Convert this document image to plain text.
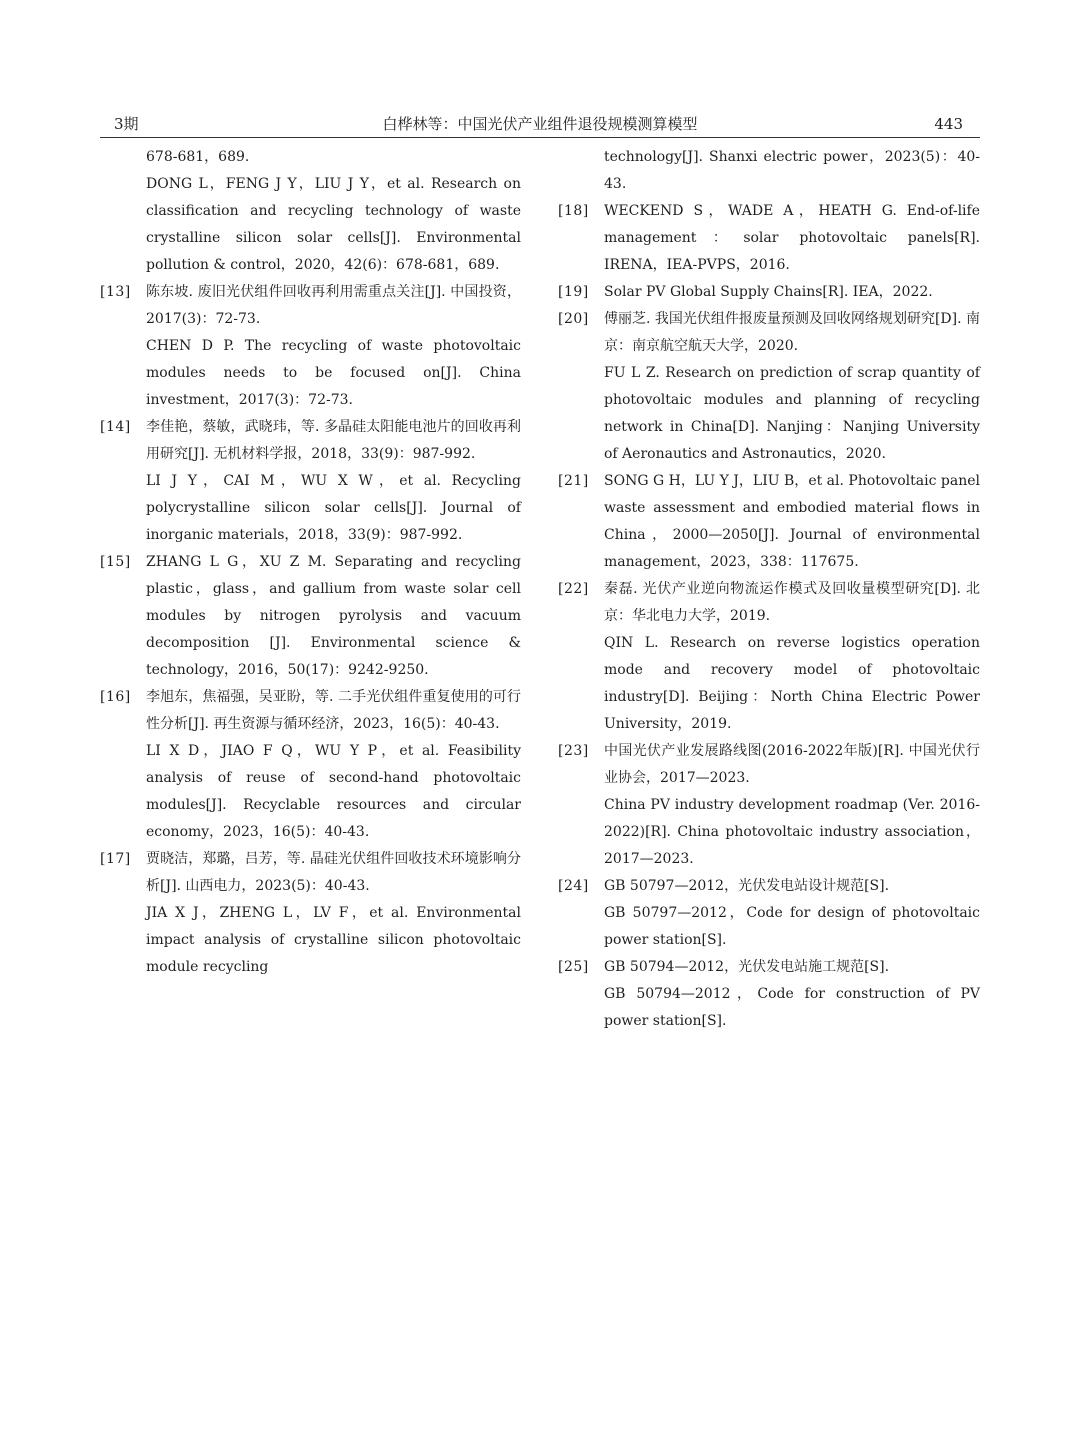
3期	白桦林等：中国光伏产业组件退役规模测算模型	443
678-681，689.
DONG L，FENG J Y，LIU J Y，et al. Research on classification and recycling technology of waste crystalline silicon solar cells[J]. Environmental pollution & control，2020，42(6)：678-681，689.
[13] 陈东坡. 废旧光伏组件回收再利用需重点关注[J]. 中国投资，2017(3)：72-73.
CHEN D P. The recycling of waste photovoltaic modules needs to be focused on[J]. China investment，2017(3)：72-73.
[14] 李佳艳，蔡敏，武晓玮，等. 多晶硅太阳能电池片的回收再利用研究[J]. 无机材料学报，2018，33(9)：987-992.
LI J Y，CAI M，WU X W，et al. Recycling polycrystalline silicon solar cells[J]. Journal of inorganic materials，2018，33(9)：987-992.
[15] ZHANG L G，XU Z M. Separating and recycling plastic，glass，and gallium from waste solar cell modules by nitrogen pyrolysis and vacuum decomposition [J]. Environmental science & technology，2016，50(17)：9242-9250.
[16] 李旭东，焦福强，吴亚盼，等. 二手光伏组件重复使用的可行性分析[J]. 再生资源与循环经济，2023，16(5)：40-43.
LI X D，JIAO F Q，WU Y P，et al. Feasibility analysis of reuse of second-hand photovoltaic modules[J]. Recyclable resources and circular economy，2023，16(5)：40-43.
[17] 贾晓洁，郑璐，吕芳，等. 晶硅光伏组件回收技术环境影响分析[J]. 山西电力，2023(5)：40-43.
JIA X J，ZHENG L，LV F，et al. Environmental impact analysis of crystalline silicon photovoltaic module recycling
technology[J]. Shanxi electric power，2023(5)：40-43.
[18] WECKEND S，WADE A，HEATH G. End-of-life management：solar photovoltaic panels[R]. IRENA，IEA-PVPS，2016.
[19] Solar PV Global Supply Chains[R]. IEA，2022.
[20] 傅丽芝. 我国光伏组件报废量预测及回收网络规划研究[D]. 南京：南京航空航天大学，2020.
FU L Z. Research on prediction of scrap quantity of photovoltaic modules and planning of recycling network in China[D]. Nanjing：Nanjing University of Aeronautics and Astronautics，2020.
[21] SONG G H，LU Y J，LIU B，et al. Photovoltaic panel waste assessment and embodied material flows in China，2000—2050[J]. Journal of environmental management，2023，338：117675.
[22] 秦磊. 光伏产业逆向物流运作模式及回收量模型研究[D]. 北京：华北电力大学，2019.
QIN L. Research on reverse logistics operation mode and recovery model of photovoltaic industry[D]. Beijing：North China Electric Power University，2019.
[23] 中国光伏产业发展路线图(2016-2022年版)[R]. 中国光伏行业协会，2017—2023.
China PV industry development roadmap (Ver. 2016-2022)[R]. China photovoltaic industry association，2017—2023.
[24] GB 50797—2012，光伏发电站设计规范[S].
GB 50797—2012，Code for design of photovoltaic power station[S].
[25] GB 50794—2012，光伏发电站施工规范[S].
GB 50794—2012，Code for construction of PV power station[S].
